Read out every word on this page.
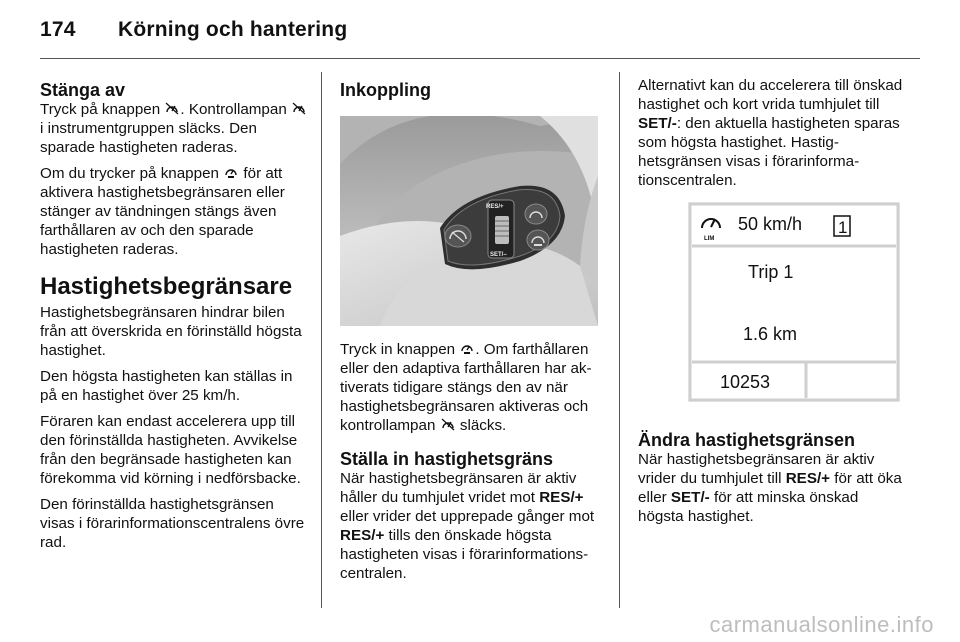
174 Körning och hantering
Stänga av

Tryck på knappen . Kontrollampan  i instrumentgruppen släcks. Den sparade hastigheten raderas.

Om du trycker på knappen  för att aktivera hastighetsbegränsaren eller stänger av tändningen stängs även farthållaren av och den sparade hastigheten raderas.

Hastighetsbegränsare

Hastighetsbegränsaren hindrar bilen från att överskrida en förinställd högsta hastighet.

Den högsta hastigheten kan ställas in på en hastighet över 25 km/h.

Föraren kan endast accelerera upp till den förinställda hastigheten. Avvikelse från den begränsade hastigheten kan förekomma vid körning i nedförsbacke.

Den förinställda hastighetsgränsen visas i förarinformationscentralens övre rad.

Inkoppling
RES/+
SET/–

Tryck in knappen . Om farthållaren eller den adaptiva farthållaren har aktiverats tidigare stängs den av när hastighetsbegränsaren aktiveras och kontrollampan  släcks.

Ställa in hastighetsgräns

När hastighetsbegränsaren är aktiv håller du tumhjulet vridet mot RES/+ eller vrider det upprepade gånger mot RES/+ tills den önskade högsta hastigheten visas i förarinformationscentralen.

Alternativt kan du accelerera till önskad hastighet och kort vrida tumhjulet till SET/-: den aktuella hastigheten sparas som högsta hastighet. Hastighetsgränsen visas i förarinformationscentralen.

LIM
50 km/h 1
Trip 1
1.6 km
10253
Ändra hastighetsgränsen

När hastighetsbegränsaren är aktiv vrider du tumhjulet till RES/+ för att öka eller SET/- för att minska önskad högsta hastighet.

carmanualsonline.info
